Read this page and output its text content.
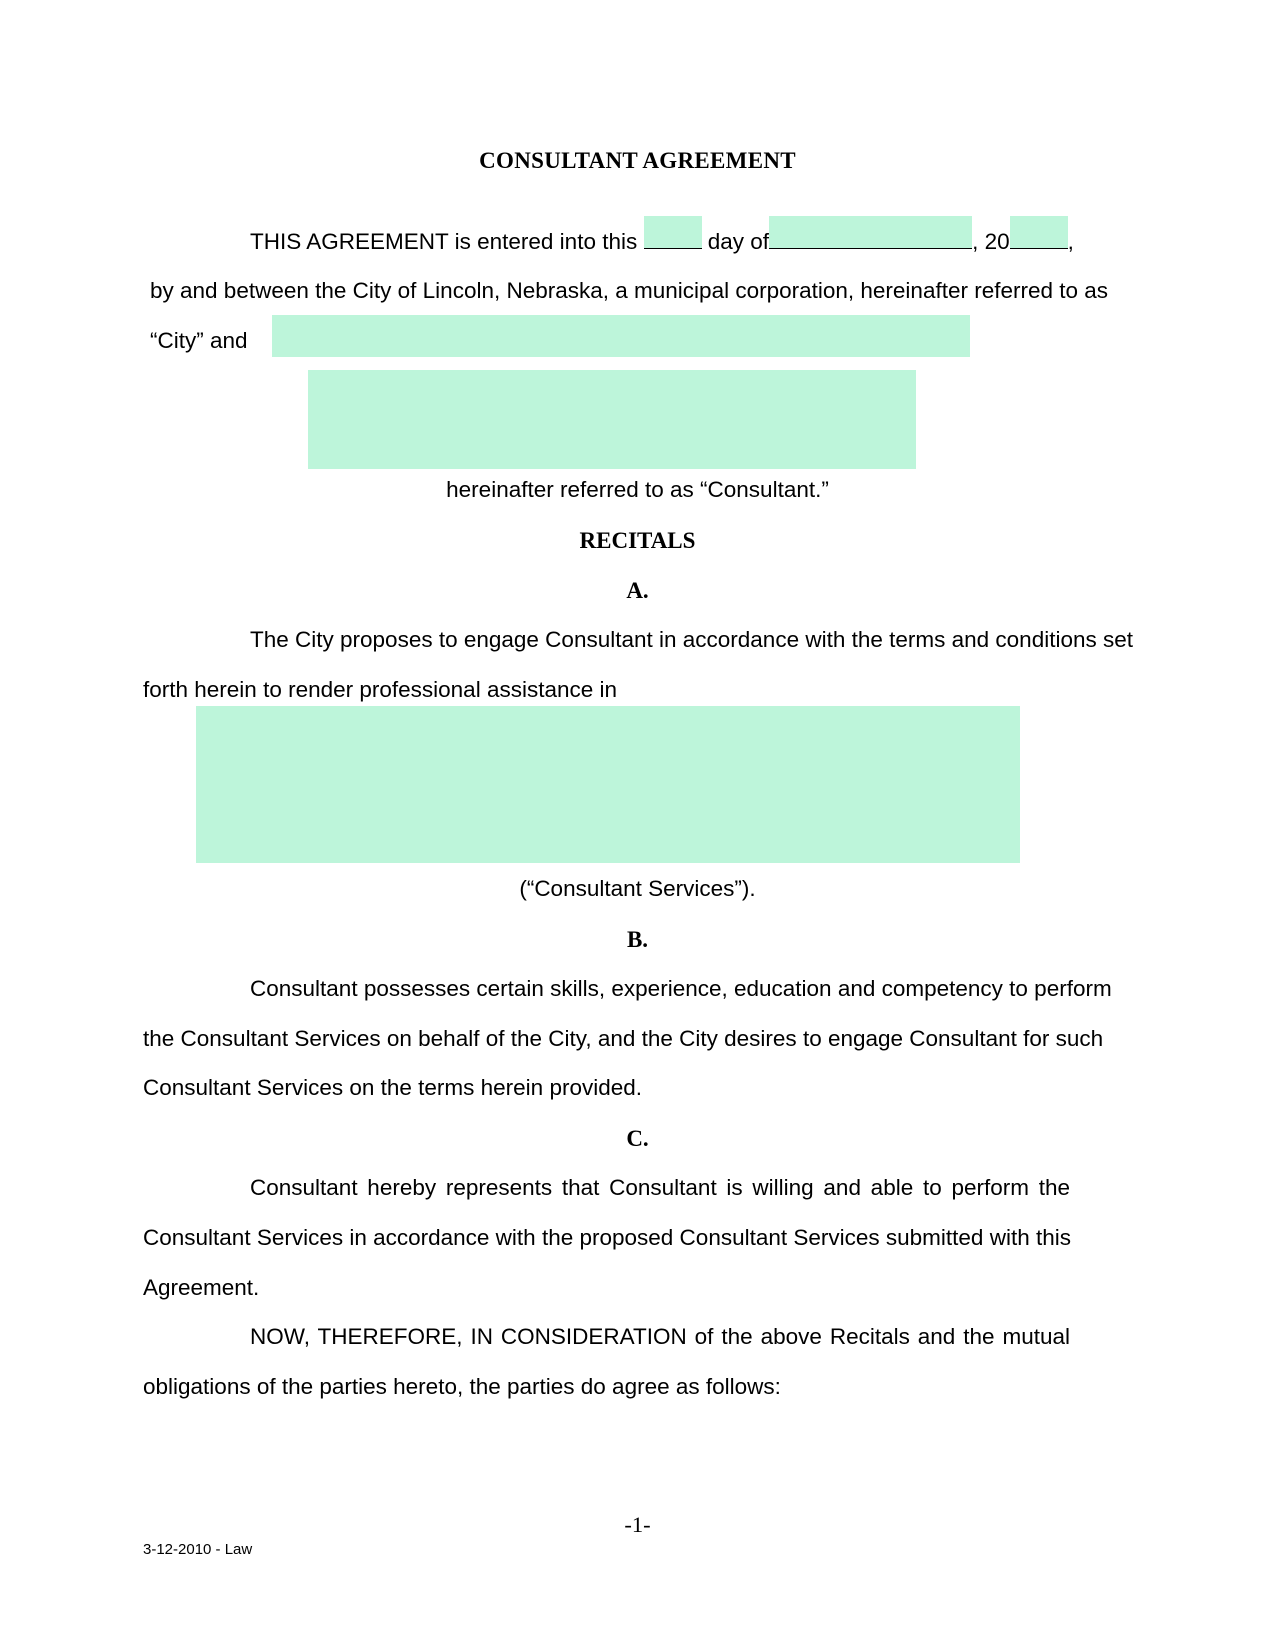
CONSULTANT AGREEMENT
THIS AGREEMENT is entered into this	day of	, 20	,
by and between the City of Lincoln, Nebraska, a municipal corporation, hereinafter referred to as
“City” and
hereinafter referred to as “Consultant.”
RECITALS
A.
The City proposes to engage Consultant in accordance with the terms and conditions set
forth herein to render professional assistance in
(“Consultant Services”).
B.
Consultant possesses certain skills, experience, education and competency to perform
the Consultant Services on behalf of the City, and the City desires to engage Consultant for such
Consultant Services on the terms herein provided.
C.
Consultant hereby represents that Consultant is willing and able to perform the
Consultant Services in accordance with the proposed Consultant Services submitted with this
Agreement.
NOW, THEREFORE, IN CONSIDERATION of the above Recitals and the mutual
obligations of the parties hereto, the parties do agree as follows:
-1-
3-12-2010 - Law
